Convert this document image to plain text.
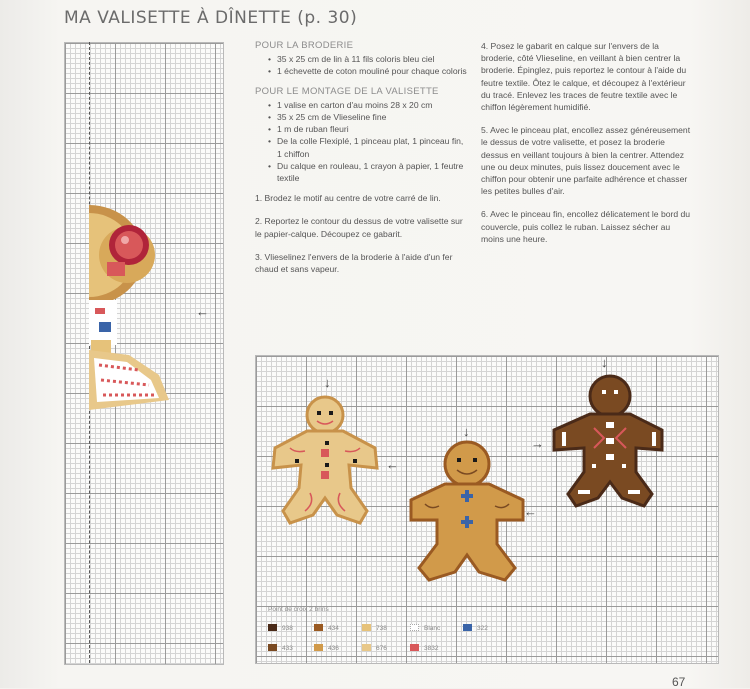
MA VALISETTE À DÎNETTE (p. 30)
←
POUR LA BRODERIE
• 35 x 25 cm de lin à 11 fils coloris bleu ciel
• 1 échevette de coton mouliné pour chaque coloris
POUR LE MONTAGE DE LA VALISETTE
• 1 valise en carton d'au moins 28 x 20 cm
• 35 x 25 cm de Vlieseline fine
• 1 m de ruban fleuri
• De la colle Flexiplé, 1 pinceau plat, 1 pinceau fin, 1 chiffon
• Du calque en rouleau, 1 crayon à papier, 1 feutre textile

1. Brodez le motif au centre de votre carré de lin.

2. Reportez le contour du dessus de votre valisette sur le papier-calque. Découpez ce gabarit.

3. Vlieselinez l'envers de la broderie à l'aide d'un fer chaud et sans vapeur.

4. Posez le gabarit en calque sur l'envers de la broderie, côté Vlieseline, en veillant à bien centrer la broderie. Épinglez, puis reportez le contour à l'aide du feutre textile. Ôtez le calque, et découpez à l'extérieur du tracé. Enlevez les traces de feutre textile avec le chiffon légèrement humidifié.

5. Avec le pinceau plat, encollez assez généreusement le dessus de votre valisette, et posez la broderie dessus en veillant toujours à bien la centrer. Attendez une ou deux minutes, puis lissez doucement avec le chiffon pour obtenir une parfaite adhérence et chasser les petites bulles d'air.

6. Avec le pinceau fin, encollez délicatement le bord du couvercle, puis collez le ruban. Laissez sécher au moins une heure.

↓
←
↓
←
→
↓
Point de croix 2 brins
938	434	738	Blanc	322
433	436	676	3832
67
